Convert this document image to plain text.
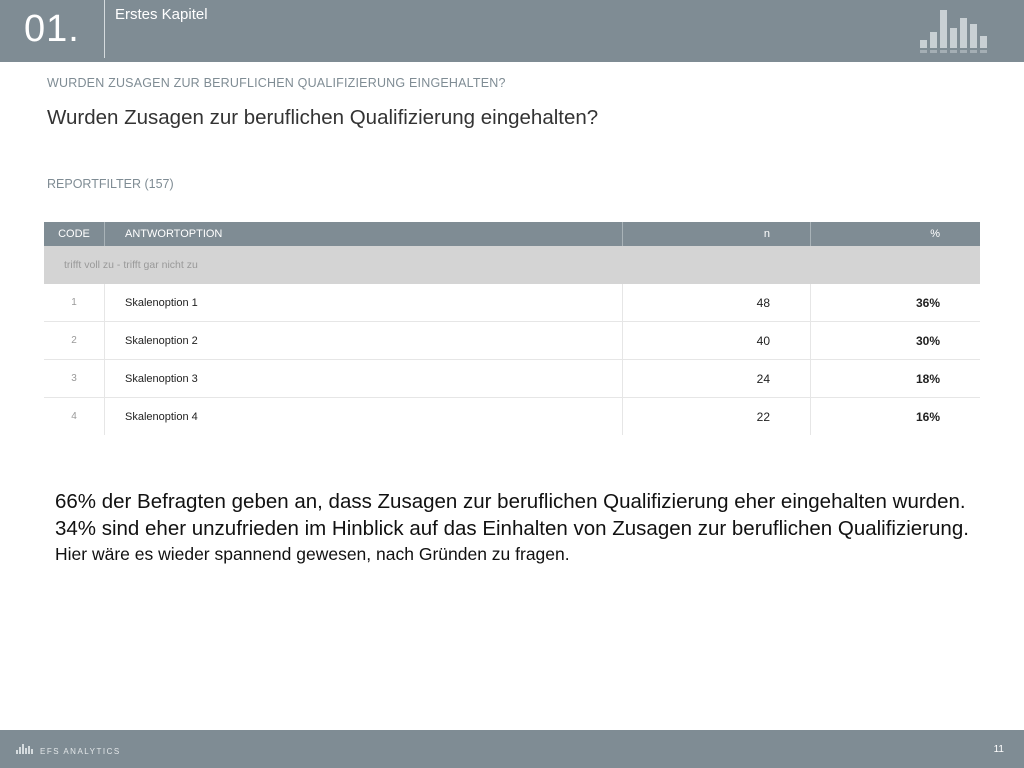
01. Erstes Kapitel
WURDEN ZUSAGEN ZUR BERUFLICHEN QUALIFIZIERUNG EINGEHALTEN?
Wurden Zusagen zur beruflichen Qualifizierung eingehalten?
REPORTFILTER (157)
CODE	ANTWORTOPTION	n	%
trifft voll zu - trifft gar nicht zu			
1	Skalenoption 1	48	36%
2	Skalenoption 2	40	30%
3	Skalenoption 3	24	18%
4	Skalenoption 4	22	16%

66% der Befragten geben an, dass Zusagen zur beruflichen Qualifizierung eher eingehalten wurden.

34% sind eher unzufrieden im Hinblick auf das Einhalten von Zusagen zur beruflichen Qualifizierung.

Hier wäre es wieder spannend gewesen, nach Gründen zu fragen.

EFS ANALYTICS	11
